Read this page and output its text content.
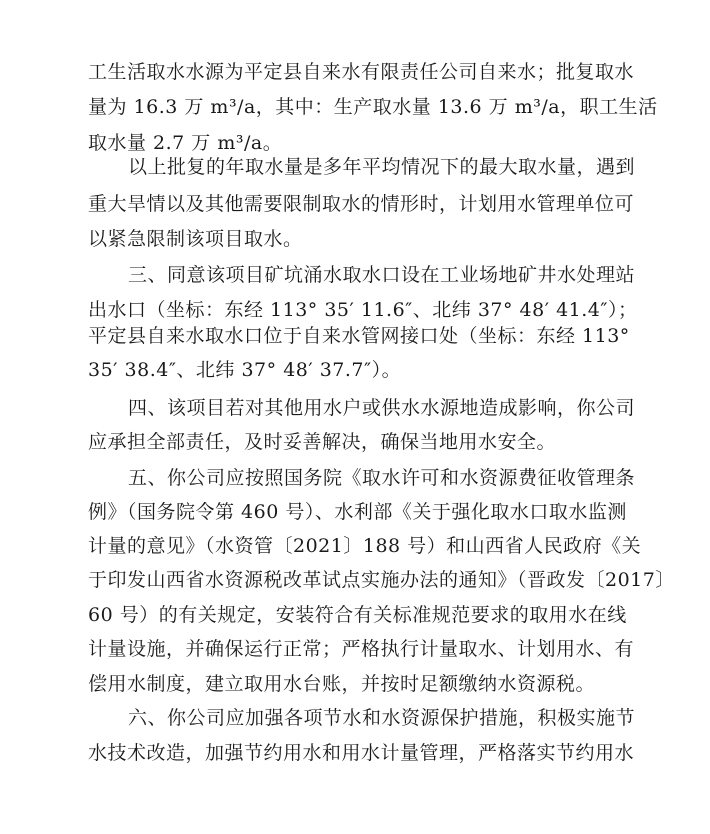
工生活取水水源为平定县自来水有限责任公司自来水；批复取水
量为 16.3 万 m³/a，其中：生产取水量 13.6 万 m³/a，职工生活
取水量 2.7 万 m³/a。
以上批复的年取水量是多年平均情况下的最大取水量，遇到
重大旱情以及其他需要限制取水的情形时，计划用水管理单位可
以紧急限制该项目取水。
三、同意该项目矿坑涌水取水口设在工业场地矿井水处理站
出水口（坐标：东经 113° 35′ 11.6″、北纬 37° 48′ 41.4″）；
平定县自来水取水口位于自来水管网接口处（坐标：东经 113°
35′ 38.4″、北纬 37° 48′ 37.7″）。
四、该项目若对其他用水户或供水水源地造成影响，你公司
应承担全部责任，及时妥善解决，确保当地用水安全。
五、你公司应按照国务院《取水许可和水资源费征收管理条
例》（国务院令第 460 号）、水利部《关于强化取水口取水监测
计量的意见》（水资管〔2021〕188 号）和山西省人民政府《关
于印发山西省水资源税改革试点实施办法的通知》（晋政发〔2017〕
60 号）的有关规定，安装符合有关标准规范要求的取用水在线
计量设施，并确保运行正常；严格执行计量取水、计划用水、有
偿用水制度，建立取用水台账，并按时足额缴纳水资源税。
六、你公司应加强各项节水和水资源保护措施，积极实施节
水技术改造，加强节约用水和用水计量管理，严格落实节约用水
